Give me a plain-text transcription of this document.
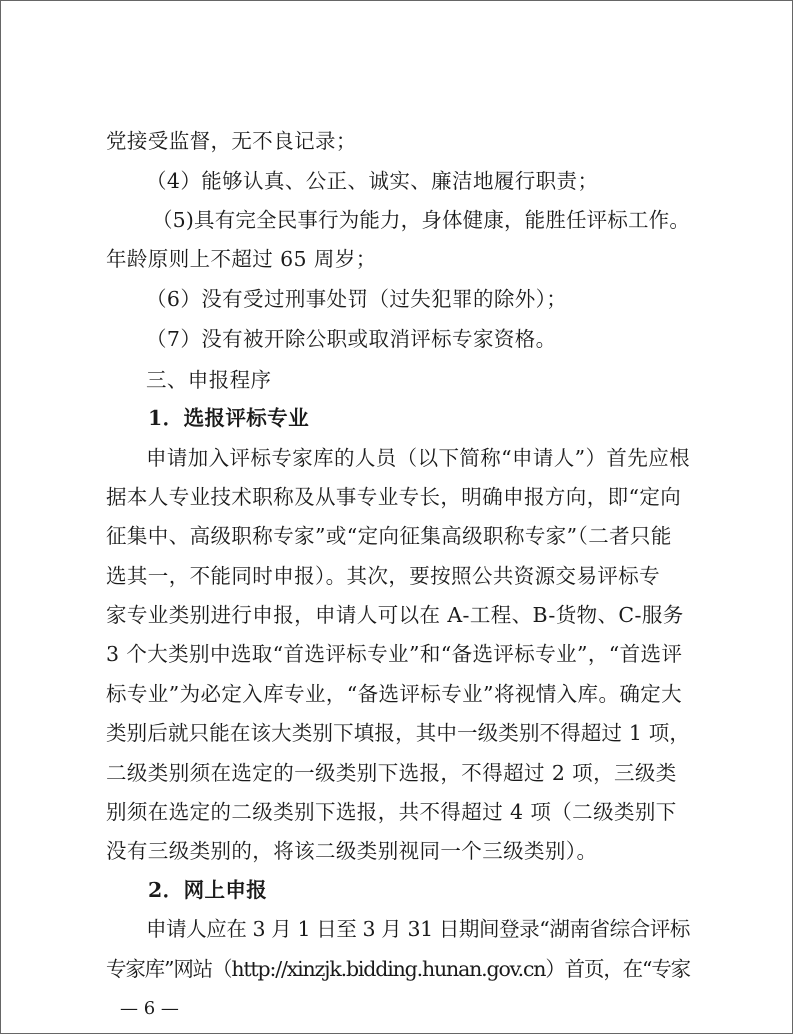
党接受监督，无不良记录；
（4）能够认真、公正、诚实、廉洁地履行职责；
（5)具有完全民事行为能力，身体健康，能胜任评标工作。
年龄原则上不超过 65 周岁；
（6）没有受过刑事处罚（过失犯罪的除外）；
（7）没有被开除公职或取消评标专家资格。
三、申报程序
1．选报评标专业
申请加入评标专家库的人员（以下简称“申请人”）首先应根
据本人专业技术职称及从事专业专长，明确申报方向，即“定向
征集中、高级职称专家”或“定向征集高级职称专家”（二者只能
选其一，不能同时申报）。其次，要按照公共资源交易评标专
家专业类别进行申报，申请人可以在 A-工程、B-货物、C-服务
3 个大类别中选取“首选评标专业”和“备选评标专业”，“首选评
标专业”为必定入库专业，“备选评标专业”将视情入库。确定大
类别后就只能在该大类别下填报，其中一级类别不得超过 1 项，
二级类别须在选定的一级类别下选报，不得超过 2 项，三级类
别须在选定的二级类别下选报，共不得超过 4 项（二级类别下
没有三级类别的，将该二级类别视同一个三级类别）。
2．网上申报
申请人应在 3 月 1 日至 3 月 31 日期间登录“湖南省综合评标
专家库”网站（http://xinzjk.bidding.hunan.gov.cn）首页，在“专家
— 6 —
